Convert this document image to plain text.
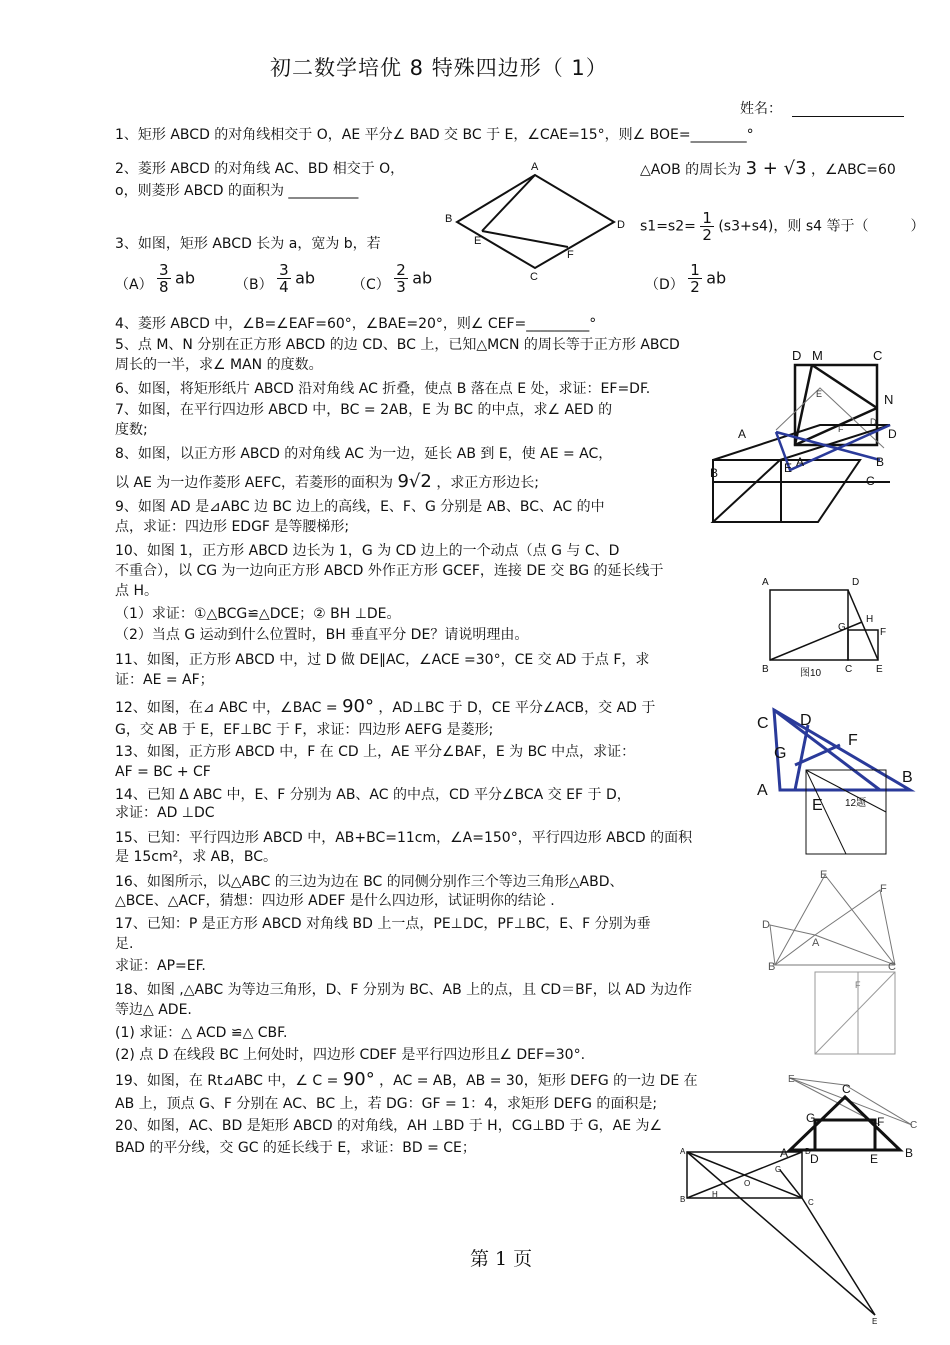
初二数学培优 8 特殊四边形（ 1）
姓名：
1、矩形 ABCD 的对角线相交于 O，AE 平分∠ BAD 交 BC 于 E，∠CAE=15°，则∠ BOE=________°
2、菱形 ABCD 的对角线 AC、BD 相交于 O，	△AOB 的周长为 3 + √3 ，∠ABC=60
o，则菱形 ABCD 的面积为 __________
3、如图，矩形 ABCD 长为 a，宽为 b，若
$s1=s2= \frac{1}{2} (s3+s4)$，则 s4 等于（　　　）
$(A) \frac{3}{8}$ ab	$(B) \frac{3}{4}$ ab	$(C) \frac{2}{3}$ ab	$(D) \frac{1}{2}$ ab
4、菱形 ABCD 中，∠B=∠EAF=60°，∠BAE=20°，则∠ CEF=_________°
5、点 M、N 分别在正方形 ABCD 的边 CD、BC 上，已知△MCN 的周长等于正方形 ABCD
周长的一半，求∠ MAN 的度数。
6、如图，将矩形纸片 ABCD 沿对角线 AC 折叠，使点 B 落在点 E 处，求证：EF=DF.
7、如图，在平行四边形 ABCD 中，BC = 2AB，E 为 BC 的中点，求∠ AED 的
度数;
8、如图，以正方形 ABCD 的对角线 AC 为一边，延长 AB 到 E，使 AE = AC，
以 AE 为一边作菱形 AEFC，若菱形的面积为 9√2 ，求正方形边长;
9、如图 AD 是⊿ABC 边 BC 边上的高线，E、F、G 分别是 AB、BC、AC 的中
点，求证：四边形 EDGF 是等腰梯形;
10、如图 1，正方形 ABCD 边长为 1，G 为 CD 边上的一个动点（点 G 与 C、D
不重合），以 CG 为一边向正方形 ABCD 外作正方形 GCEF，连接 DE 交 BG 的延长线于
点 H。
（1）求证：①△BCG≌△DCE；② BH ⊥DE。
（2）当点 G 运动到什么位置时，BH 垂直平分 DE？请说明理由。
11、如图，正方形 ABCD 中，过 D 做 DE∥AC，∠ACE =30°，CE 交 AD 于点 F，求
证：AE = AF；
12、如图，在⊿ ABC 中，∠BAC = 90° ，AD⊥BC 于 D，CE 平分∠ACB，交 AD 于
G，交 AB 于 E，EF⊥BC 于 F，求证：四边形 AEFG 是菱形;
13、如图，正方形 ABCD 中，F 在 CD 上，AE 平分∠BAF，E 为 BC 中点，求证：
AF = BC + CF
14、已知 Δ ABC 中，E、F 分别为 AB、AC 的中点，CD 平分∠BCA 交 EF 于 D，
求证：AD ⊥DC
15、已知：平行四边形 ABCD 中，AB+BC=11cm，∠A=150°，平行四边形 ABCD 的面积
是 15cm²，求 AB，BC。
16、如图所示，以△ABC 的三边为边在 BC 的同侧分别作三个等边三角形△ABD、
△BCE、△ACF，猜想：四边形 ADEF 是什么四边形，试证明你的结论 .
17、已知：P 是正方形 ABCD 对角线 BD 上一点，PE⊥DC，PF⊥BC，E、F 分别为垂
足.
求证：AP=EF.
18、如图 ,△ABC 为等边三角形，D、F 分别为 BC、AB 上的点，且 CD＝BF，以 AD 为边作
等边△ ADE.
(1) 求证：△ ACD ≌△ CBF.
(2) 点 D 在线段 BC 上何处时，四边形 CDEF 是平行四边形且∠ DEF=30°.
19、如图，在 Rt⊿ABC 中，∠ C = 90° ，AC = AB，AB = 30，矩形 DEFG 的一边 DE 在
AB 上，顶点 G、F 分别在 AC、BC 上，若 DG：GF = 1：4，求矩形 DEFG 的面积是;
20、如图，AC、BD 是矩形 ABCD 的对角线，AH ⊥BD 于 H，CG⊥BD 于 G，AE 为∠
BAD 的平分线，交 GC 的延长线于 E，求证：BD = CE；
第 1 页
A
B	D
E
F
C
D M	C
N
E
F
D
A	D
B	E A	B
C
A	D
H
G	F
B	C E
图10
C D
F
G
A
B
E 12题
E
F
D
A
B	C
F
E
C
C
G	F
A D	E B
A	D
O
G
B
H
C
E
